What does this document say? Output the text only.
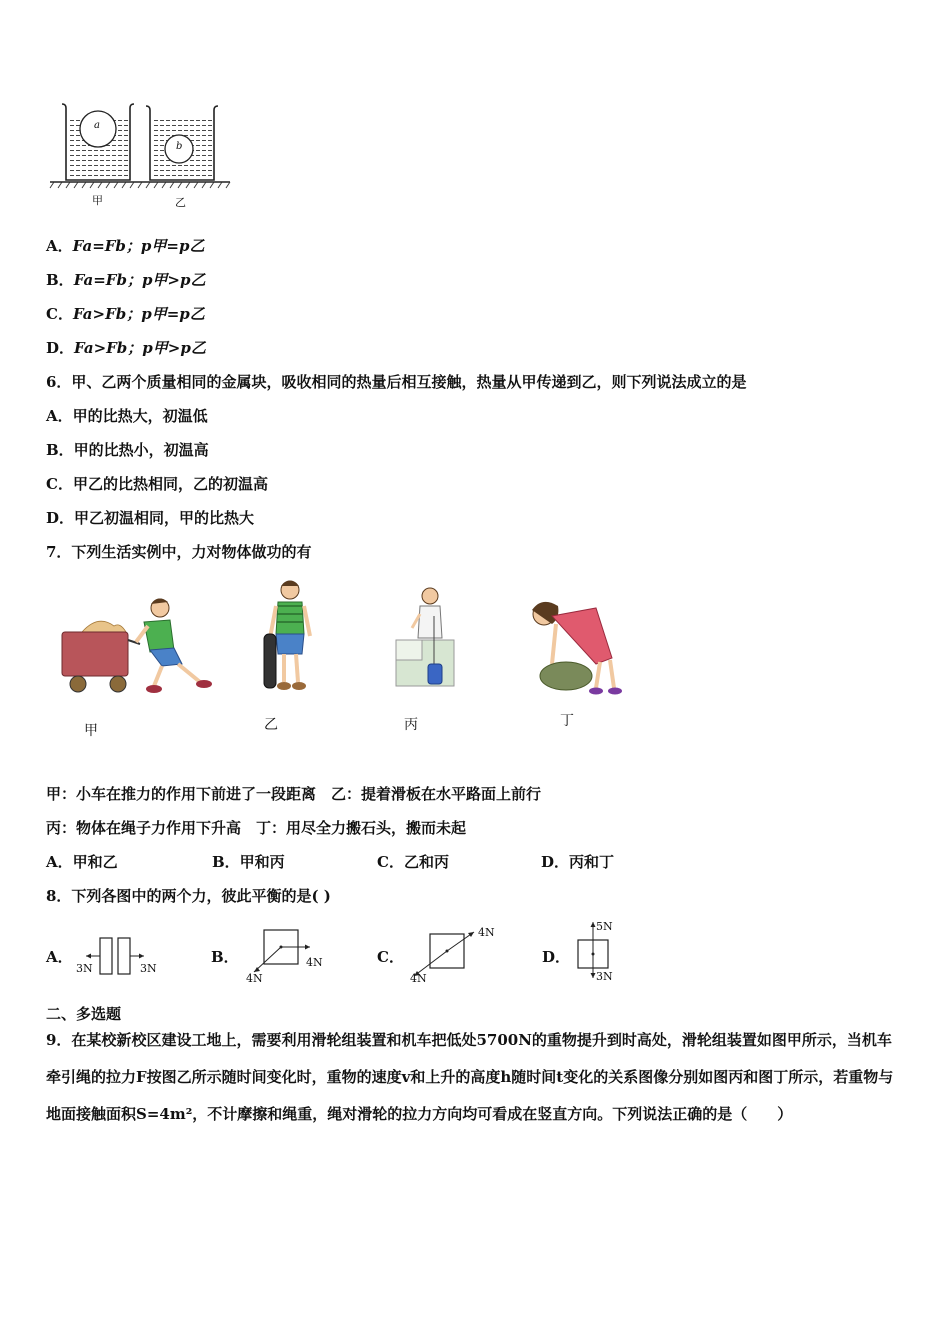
a
b
甲	乙
A．Fa=Fb；p甲=p乙
B．Fa=Fb；p甲>p乙
C．Fa>Fb；p甲=p乙
D．Fa>Fb；p甲>p乙
6．甲、乙两个质量相同的金属块，吸收相同的热量后相互接触，热量从甲传递到乙，则下列说法成立的是
A．甲的比热大，初温低
B．甲的比热小，初温高
C．甲乙的比热相同，乙的初温高
D．甲乙初温相同，甲的比热大
7．下列生活实例中，力对物体做功的有
甲	乙	丙	丁
甲：小车在推力的作用下前进了一段距离　乙：提着滑板在水平路面上前行
丙：物体在绳子力作用下升高　丁：用尽全力搬石头，搬而未起
A．甲和乙	B．甲和丙	C．乙和丙	D．丙和丁
8．下列各图中的两个力，彼此平衡的是( )
A．	B．	C．	D．
3N	3N
4N
4N
4N
4N
5N
3N
二、多选题
9．在某校新校区建设工地上，需要利用滑轮组装置和机车把低处5700N的重物提升到时高处，滑轮组装置如图甲所示，当机车牵引绳的拉力F按图乙所示随时间变化时，重物的速度v和上升的高度h随时间t变化的关系图像分别如图丙和图丁所示，若重物与地面接触面积S=4m²，不计摩擦和绳重，绳对滑轮的拉力方向均可看成在竖直方向。下列说法正确的是（　　）
